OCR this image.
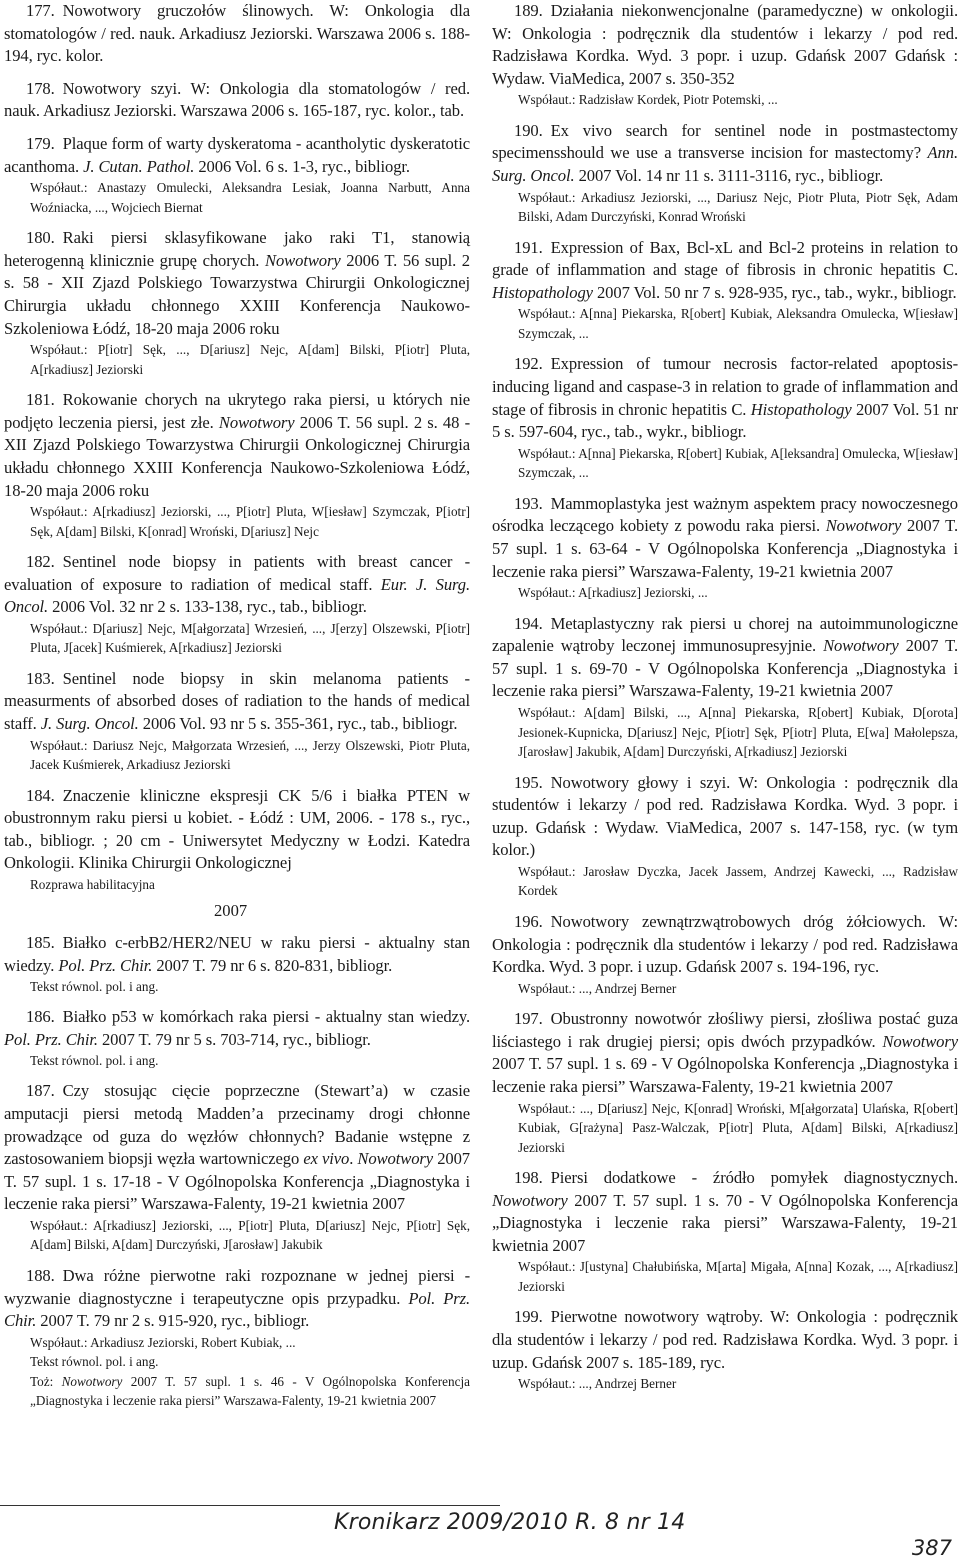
177. Nowotwory gruczołów ślinowych. W: Onkologia dla stomatologów / red. nauk. Arkadiusz Jeziorski. Warszawa 2006 s. 188-194, ryc. kolor.
178. Nowotwory szyi. W: Onkologia dla stomatologów / red. nauk. Arkadiusz Jeziorski. Warszawa 2006 s. 165-187, ryc. kolor., tab.
179. Plaque form of warty dyskeratoma - acantholytic dyskeratotic acanthoma. J. Cutan. Pathol. 2006 Vol. 6 s. 1-3, ryc., bibliogr.
Współaut.: Anastazy Omulecki, Aleksandra Lesiak, Joanna Narbutt, Anna Woźniacka, ..., Wojciech Biernat
180. Raki piersi sklasyfikowane jako raki T1, stanowią heterogenną klinicznie grupę chorych. Nowotwory 2006 T. 56 supl. 2 s. 58 - XII Zjazd Polskiego Towarzystwa Chirurgii Onkologicznej Chirurgia układu chłonnego XXIII Konferencja Naukowo-Szkoleniowa Łódź, 18-20 maja 2006 roku
Współaut.: P[iotr] Sęk, ..., D[ariusz] Nejc, A[dam] Bilski, P[iotr] Pluta, A[rkadiusz] Jeziorski
181. Rokowanie chorych na ukrytego raka piersi, u których nie podjęto leczenia piersi, jest złe. Nowotwory 2006 T. 56 supl. 2 s. 48 - XII Zjazd Polskiego Towarzystwa Chirurgii Onkologicznej Chirurgia układu chłonnego XXIII Konferencja Naukowo-Szkoleniowa Łódź, 18-20 maja 2006 roku
Współaut.: A[rkadiusz] Jeziorski, ..., P[iotr] Pluta, W[iesław] Szymczak, P[iotr] Sęk, A[dam] Bilski, K[onrad] Wroński, D[ariusz] Nejc
182. Sentinel node biopsy in patients with breast cancer - evaluation of exposure to radiation of medical staff. Eur. J. Surg. Oncol. 2006 Vol. 32 nr 2 s. 133-138, ryc., tab., bibliogr.
Współaut.: D[ariusz] Nejc, M[ałgorzata] Wrzesień, ..., J[erzy] Olszewski, P[iotr] Pluta, J[acek] Kuśmierek, A[rkadiusz] Jeziorski
183. Sentinel node biopsy in skin melanoma patients - measurments of absorbed doses of radiation to the hands of medical staff. J. Surg. Oncol. 2006 Vol. 93 nr 5 s. 355-361, ryc., tab., bibliogr.
Współaut.: Dariusz Nejc, Małgorzata Wrzesień, ..., Jerzy Olszewski, Piotr Pluta, Jacek Kuśmierek, Arkadiusz Jeziorski
184. Znaczenie kliniczne ekspresji CK 5/6 i białka PTEN w obustronnym raku piersi u kobiet. - Łódź : UM, 2006. - 178 s., ryc., tab., bibliogr. ; 20 cm - Uniwersytet Medyczny w Łodzi. Katedra Onkologii. Klinika Chirurgii Onkologicznej
Rozprawa habilitacyjna
2007
185. Białko c-erbB2/HER2/NEU w raku piersi - aktualny stan wiedzy. Pol. Prz. Chir. 2007 T. 79 nr 6 s. 820-831, bibliogr.
Tekst równol. pol. i ang.
186. Białko p53 w komórkach raka piersi - aktualny stan wiedzy. Pol. Prz. Chir. 2007 T. 79 nr 5 s. 703-714, ryc., bibliogr.
Tekst równol. pol. i ang.
187. Czy stosując cięcie poprzeczne (Stewart’a) w czasie amputacji piersi metodą Madden’a przecinamy drogi chłonne prowadzące od guza do węzłów chłonnych? Badanie wstępne z zastosowaniem biopsji węzła wartowniczego ex vivo. Nowotwory 2007 T. 57 supl. 1 s. 17-18 - V Ogólnopolska Konferencja „Diagnostyka i leczenie raka piersi” Warszawa-Falenty, 19-21 kwietnia 2007
Współaut.: A[rkadiusz] Jeziorski, ..., P[iotr] Pluta, D[ariusz] Nejc, P[iotr] Sęk, A[dam] Bilski, A[dam] Durczyński, J[arosław] Jakubik
188. Dwa różne pierwotne raki rozpoznane w jednej piersi - wyzwanie diagnostyczne i terapeutyczne opis przypadku. Pol. Prz. Chir. 2007 T. 79 nr 2 s. 915-920, ryc., bibliogr.
Współaut.: Arkadiusz Jeziorski, Robert Kubiak, ...
Tekst równol. pol. i ang.
Toż: Nowotwory 2007 T. 57 supl. 1 s. 46 - V Ogólnopolska Konferencja „Diagnostyka i leczenie raka piersi” Warszawa-Falenty, 19-21 kwietnia 2007
189. Działania niekonwencjonalne (paramedyczne) w onkologii. W: Onkologia : podręcznik dla studentów i lekarzy / pod red. Radzisława Kordka. Wyd. 3 popr. i uzup. Gdańsk 2007 Gdańsk : Wydaw. ViaMedica, 2007 s. 350-352
Współaut.: Radzisław Kordek, Piotr Potemski, ...
190. Ex vivo search for sentinel node in postmastectomy specimensshould we use a transverse incision for mastectomy? Ann. Surg. Oncol. 2007 Vol. 14 nr 11 s. 3111-3116, ryc., bibliogr.
Współaut.: Arkadiusz Jeziorski, ..., Dariusz Nejc, Piotr Pluta, Piotr Sęk, Adam Bilski, Adam Durczyński, Konrad Wroński
191. Expression of Bax, Bcl-xL and Bcl-2 proteins in relation to grade of inflammation and stage of fibrosis in chronic hepatitis C. Histopathology 2007 Vol. 50 nr 7 s. 928-935, ryc., tab., wykr., bibliogr.
Współaut.: A[nna] Piekarska, R[obert] Kubiak, Aleksandra Omulecka, W[iesław] Szymczak, ...
192. Expression of tumour necrosis factor-related apoptosis-inducing ligand and caspase-3 in relation to grade of inflammation and stage of fibrosis in chronic hepatitis C. Histopathology 2007 Vol. 51 nr 5 s. 597-604, ryc., tab., wykr., bibliogr.
Współaut.: A[nna] Piekarska, R[obert] Kubiak, A[leksandra] Omulecka, W[iesław] Szymczak, ...
193. Mammoplastyka jest ważnym aspektem pracy nowoczesnego ośrodka leczącego kobiety z powodu raka piersi. Nowotwory 2007 T. 57 supl. 1 s. 63-64 - V Ogólnopolska Konferencja „Diagnostyka i leczenie raka piersi” Warszawa-Falenty, 19-21 kwietnia 2007
Współaut.: A[rkadiusz] Jeziorski, ...
194. Metaplastyczny rak piersi u chorej na autoimmunologiczne zapalenie wątroby leczonej immunosupresyjnie. Nowotwory 2007 T. 57 supl. 1 s. 69-70 - V Ogólnopolska Konferencja „Diagnostyka i leczenie raka piersi” Warszawa-Falenty, 19-21 kwietnia 2007
Współaut.: A[dam] Bilski, ..., A[nna] Piekarska, R[obert] Kubiak, D[orota] Jesionek-Kupnicka, D[ariusz] Nejc, P[iotr] Sęk, P[iotr] Pluta, E[wa] Małolepsza, J[arosław] Jakubik, A[dam] Durczyński, A[rkadiusz] Jeziorski
195. Nowotwory głowy i szyi. W: Onkologia : podręcznik dla studentów i lekarzy / pod red. Radzisława Kordka. Wyd. 3 popr. i uzup. Gdańsk : Wydaw. ViaMedica, 2007 s. 147-158, ryc. (w tym kolor.)
Współaut.: Jarosław Dyczka, Jacek Jassem, Andrzej Kawecki, ..., Radzisław Kordek
196. Nowotwory zewnątrzwątrobowych dróg żółciowych. W: Onkologia : podręcznik dla studentów i lekarzy / pod red. Radzisława Kordka. Wyd. 3 popr. i uzup. Gdańsk 2007 s. 194-196, ryc.
Współaut.: ..., Andrzej Berner
197. Obustronny nowotwór złośliwy piersi, złośliwa postać guza liściastego i rak drugiej piersi; opis dwóch przypadków. Nowotwory 2007 T. 57 supl. 1 s. 69 - V Ogólnopolska Konferencja „Diagnostyka i leczenie raka piersi” Warszawa-Falenty, 19-21 kwietnia 2007
Współaut.: ..., D[ariusz] Nejc, K[onrad] Wroński, M[ałgorzata] Ulańska, R[obert] Kubiak, G[rażyna] Pasz-Walczak, P[iotr] Pluta, A[dam] Bilski, A[rkadiusz] Jeziorski
198. Piersi dodatkowe - źródło pomyłek diagnostycznych. Nowotwory 2007 T. 57 supl. 1 s. 70 - V Ogólnopolska Konferencja „Diagnostyka i leczenie raka piersi” Warszawa-Falenty, 19-21 kwietnia 2007
Współaut.: J[ustyna] Chałubińska, M[arta] Migała, A[nna] Kozak, ..., A[rkadiusz] Jeziorski
199. Pierwotne nowotwory wątroby. W: Onkologia : podręcznik dla studentów i lekarzy / pod red. Radzisława Kordka. Wyd. 3 popr. i uzup. Gdańsk 2007 s. 185-189, ryc.
Współaut.: ..., Andrzej Berner
Kronikarz 2009/2010 R. 8 nr 14
387
